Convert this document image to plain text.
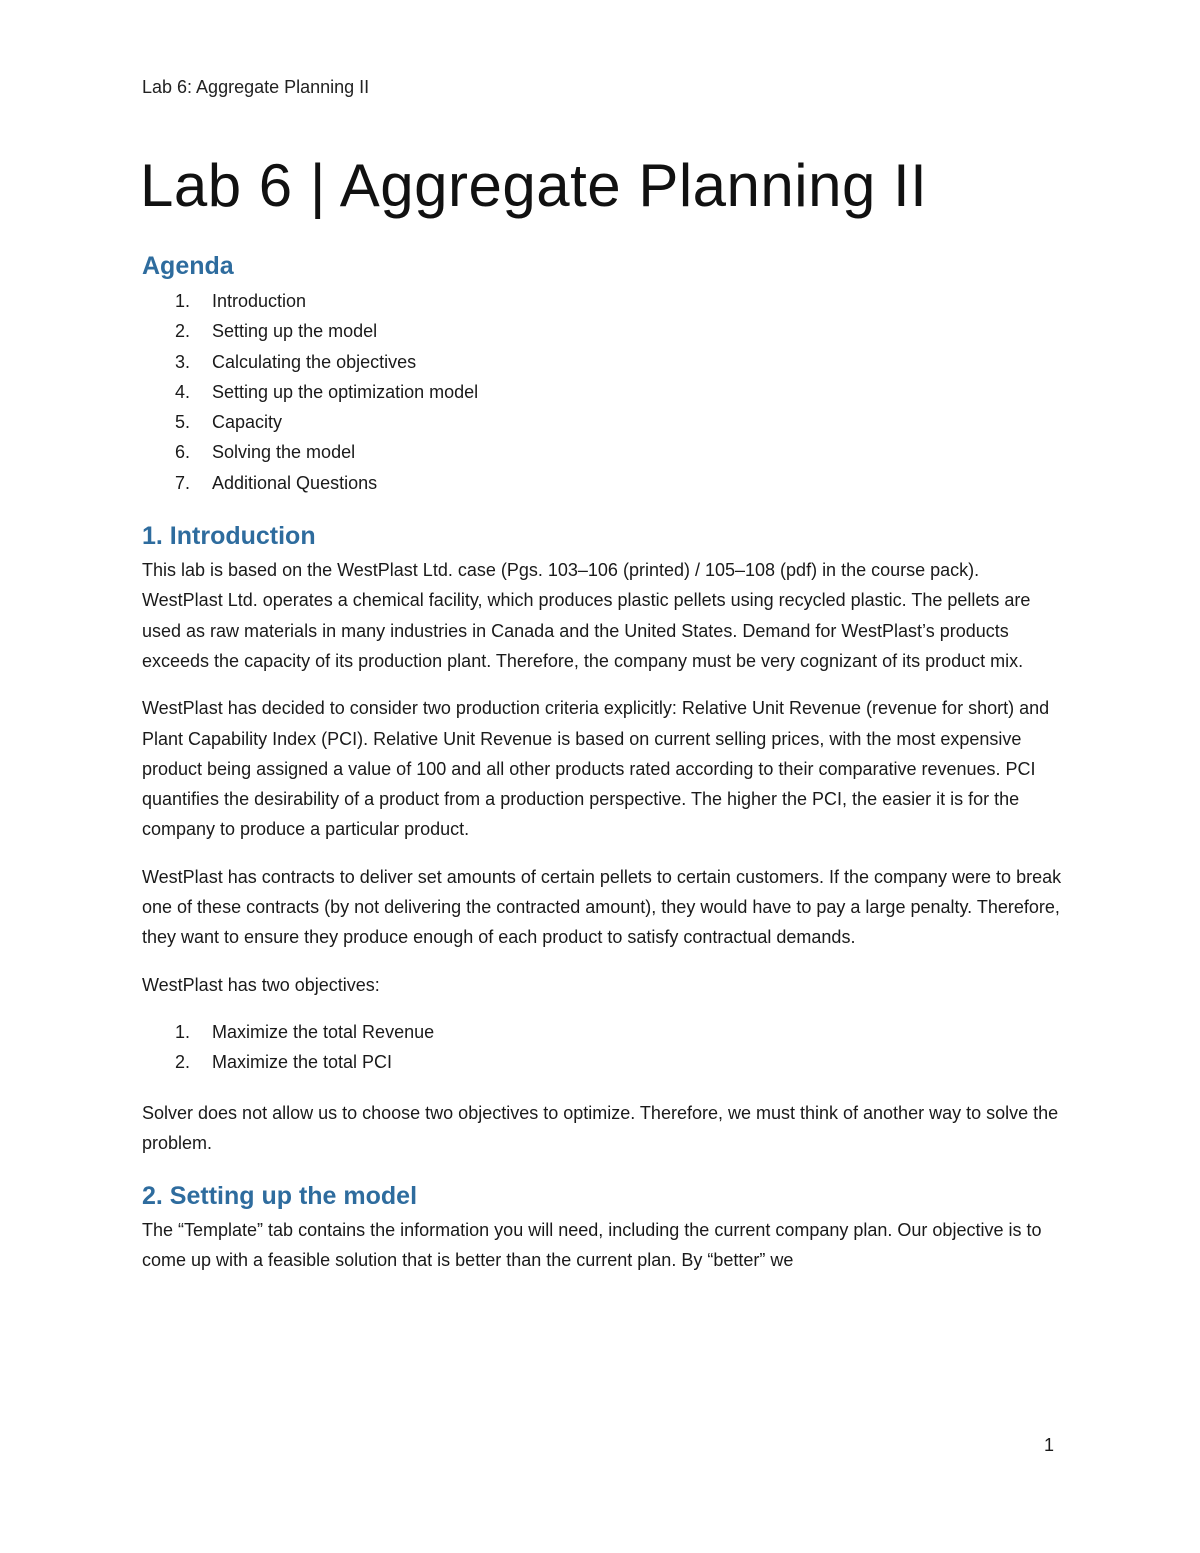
Lab 6: Aggregate Planning II
Lab 6 | Aggregate Planning II
Agenda
1.	Introduction
2.	Setting up the model
3.	Calculating the objectives
4.	Setting up the optimization model
5.	Capacity
6.	Solving the model
7.	Additional Questions
1. Introduction

This lab is based on the WestPlast Ltd. case (Pgs. 103–106 (printed) / 105–108 (pdf) in the course pack). WestPlast Ltd. operates a chemical facility, which produces plastic pellets using recycled plastic. The pellets are used as raw materials in many industries in Canada and the United States. Demand for WestPlast’s products exceeds the capacity of its production plant. Therefore, the company must be very cognizant of its product mix.

WestPlast has decided to consider two production criteria explicitly: Relative Unit Revenue (revenue for short) and Plant Capability Index (PCI). Relative Unit Revenue is based on current selling prices, with the most expensive product being assigned a value of 100 and all other products rated according to their comparative revenues. PCI quantifies the desirability of a product from a production perspective. The higher the PCI, the easier it is for the company to produce a particular product.

WestPlast has contracts to deliver set amounts of certain pellets to certain customers. If the company were to break one of these contracts (by not delivering the contracted amount), they would have to pay a large penalty. Therefore, they want to ensure they produce enough of each product to satisfy contractual demands.

WestPlast has two objectives:

1.	Maximize the total Revenue
2.	Maximize the total PCI

Solver does not allow us to choose two objectives to optimize. Therefore, we must think of another way to solve the problem.

2. Setting up the model

The “Template” tab contains the information you will need, including the current company plan. Our objective is to come up with a feasible solution that is better than the current plan. By “better” we

1
